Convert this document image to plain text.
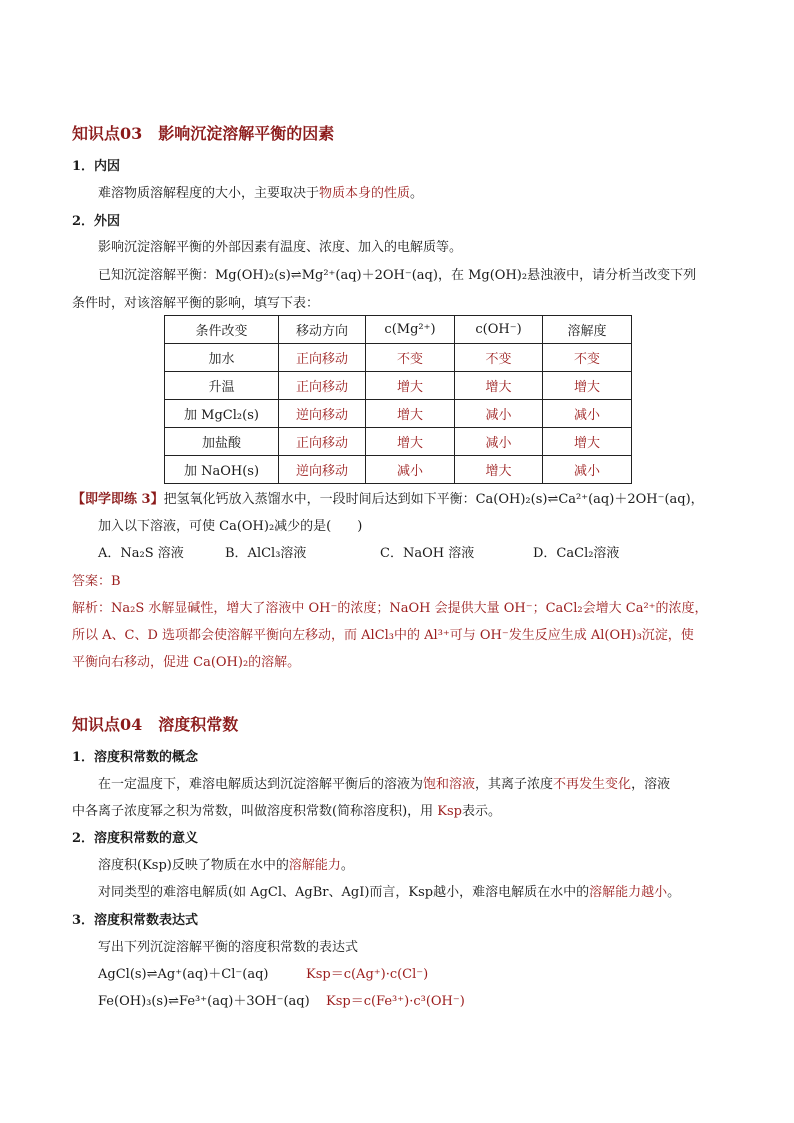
知识点03　影响沉淀溶解平衡的因素
1．内因
难溶物质溶解程度的大小，主要取决于物质本身的性质。
2．外因
影响沉淀溶解平衡的外部因素有温度、浓度、加入的电解质等。
已知沉淀溶解平衡：Mg(OH)₂(s)⇌Mg²⁺(aq)＋2OH⁻(aq)，在 Mg(OH)₂悬浊液中，请分析当改变下列
条件时，对该溶解平衡的影响，填写下表：
条件改变	移动方向	c(Mg²⁺)	c(OH⁻)	溶解度
加水	正向移动	不变	不变	不变
升温	正向移动	增大	增大	增大
加 MgCl₂(s)	逆向移动	增大	减小	减小
加盐酸	正向移动	增大	减小	增大
加 NaOH(s)	逆向移动	减小	增大	减小
【即学即练 3】把氢氧化钙放入蒸馏水中，一段时间后达到如下平衡：Ca(OH)₂(s)⇌Ca²⁺(aq)＋2OH⁻(aq)，
加入以下溶液，可使 Ca(OH)₂减少的是(　　)
A．Na₂S 溶液	B．AlCl₃溶液	C．NaOH 溶液	D．CaCl₂溶液
答案：B
解析：Na₂S 水解显碱性，增大了溶液中 OH⁻的浓度；NaOH 会提供大量 OH⁻；CaCl₂会增大 Ca²⁺的浓度，
所以 A、C、D 选项都会使溶解平衡向左移动，而 AlCl₃中的 Al³⁺可与 OH⁻发生反应生成 Al(OH)₃沉淀，使
平衡向右移动，促进 Ca(OH)₂的溶解。
知识点04　溶度积常数
1．溶度积常数的概念
在一定温度下，难溶电解质达到沉淀溶解平衡后的溶液为饱和溶液，其离子浓度不再发生变化，溶液
中各离子浓度幂之积为常数，叫做溶度积常数(简称溶度积)，用 Ksp表示。
2．溶度积常数的意义
溶度积(Ksp)反映了物质在水中的溶解能力。
对同类型的难溶电解质(如 AgCl、AgBr、AgI)而言，Ksp越小，难溶电解质在水中的溶解能力越小。
3．溶度积常数表达式
写出下列沉淀溶解平衡的溶度积常数的表达式
AgCl(s)⇌Ag⁺(aq)＋Cl⁻(aq)	Ksp＝c(Ag⁺)·c(Cl⁻)
Fe(OH)₃(s)⇌Fe³⁺(aq)＋3OH⁻(aq) Ksp＝c(Fe³⁺)·c³(OH⁻)
